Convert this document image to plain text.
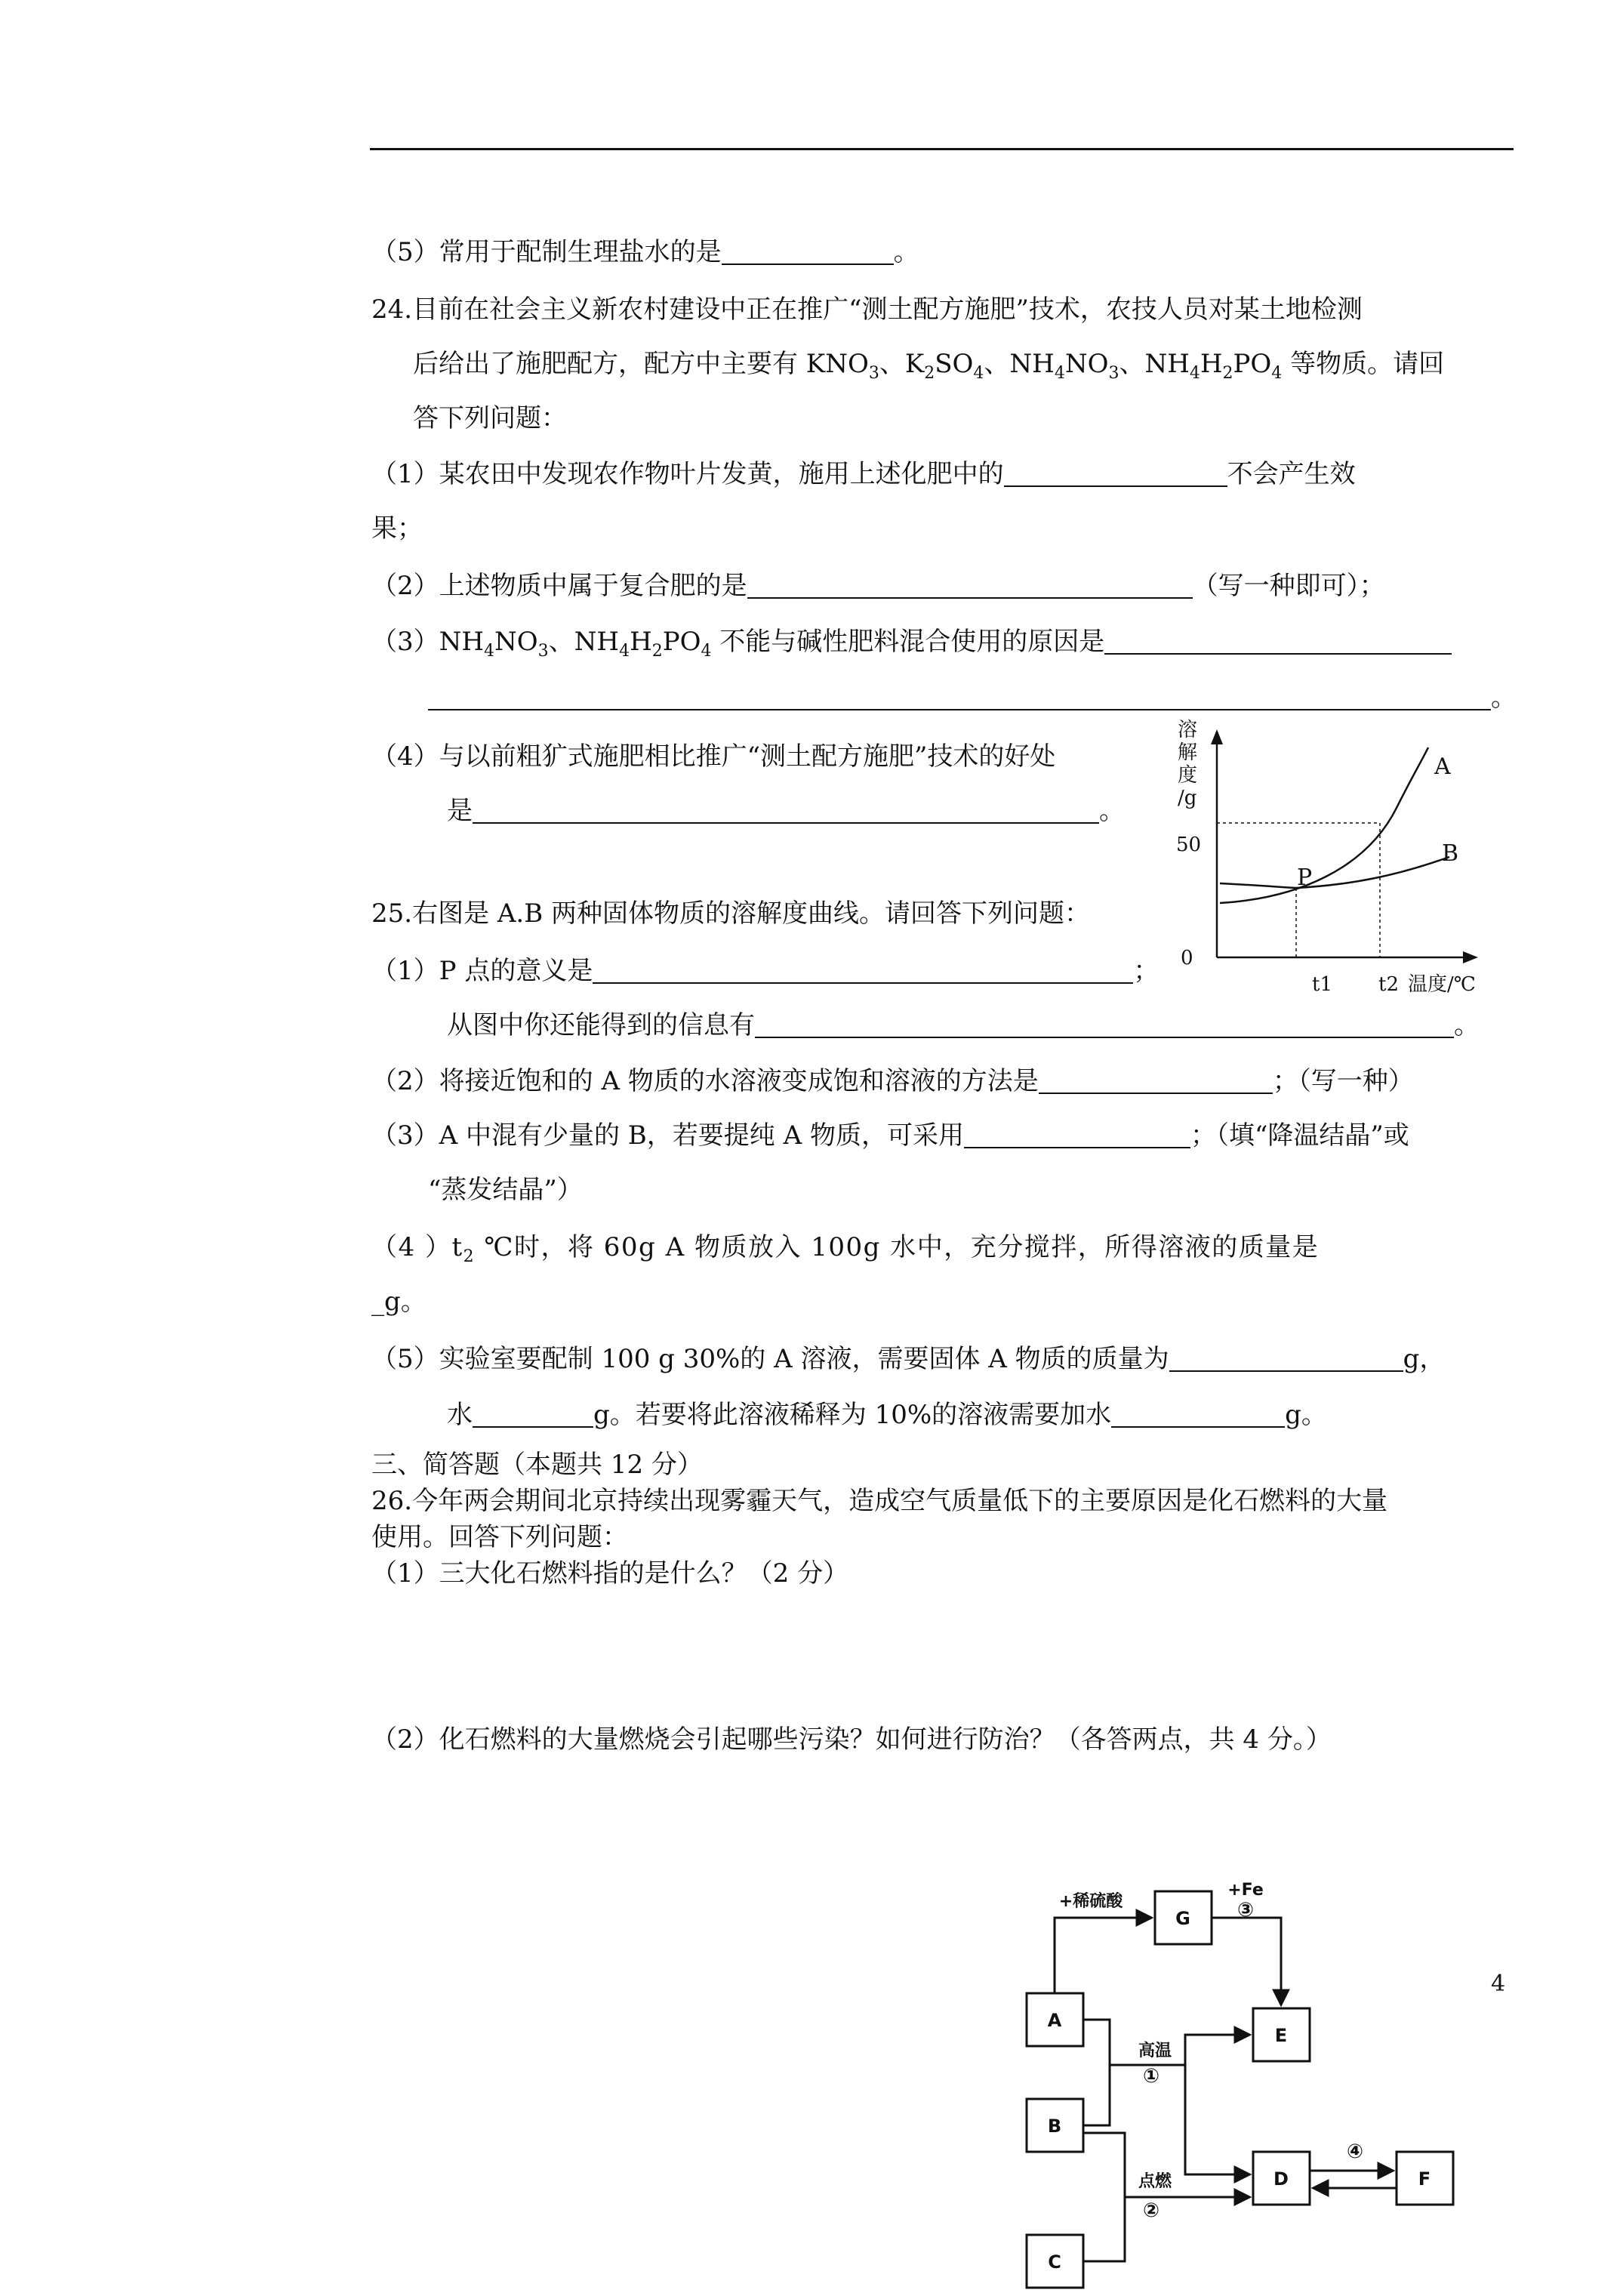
（5）常用于配制生理盐水的是	。
24.目前在社会主义新农村建设中正在推广“测土配方施肥”技术，农技人员对某土地检测
后给出了施肥配方，配方中主要有 $KNO_3$、$K_2SO_4$、$NH_4NO_3$、$NH_4H_2PO_4$ 等物质。请回
答下列问题：
（1）某农田中发现农作物叶片发黄，施用上述化肥中的	不会产生效
果；
（2）上述物质中属于复合肥的是	（写一种即可）；
$(3)NH_4NO_3$、$NH_4H_2PO_4$ 不能与碱性肥料混合使用的原因是
。
（4）与以前粗犷式施肥相比推广“测土配方施肥”技术的好处
是	。
溶
解
度
/g
50
0
t1 t2 温度/℃
A
B
P
25.右图是 A.B 两种固体物质的溶解度曲线。请回答下列问题：
（1）P 点的意义是	；
从图中你还能得到的信息有	。
（2）将接近饱和的 A 物质的水溶液变成饱和溶液的方法是	；（写一种）
（3）A 中混有少量的 B，若要提纯 A 物质，可采用	；（填“降温结晶”或
“蒸发结晶”）
（4 ）$t_2$ ℃时，将 60g A 物质放入 100g 水中，充分搅拌，所得溶液的质量是
_g。
（5）实验室要配制 100 g 30%的 A 溶液，需要固体 A 物质的质量为	g，
水	g。若要将此溶液稀释为 10%的溶液需要加水	g。
三、简答题（本题共 12 分）
26.今年两会期间北京持续出现雾霾天气，造成空气质量低下的主要原因是化石燃料的大量
使用。回答下列问题：
（1）三大化石燃料指的是什么？（2 分）
（2）化石燃料的大量燃烧会引起哪些污染？如何进行防治？（各答两点，共 4 分。）
4
A
B
C
G
E
D	F
+稀硫酸
+Fe
③
高温
①
点燃
②
④
